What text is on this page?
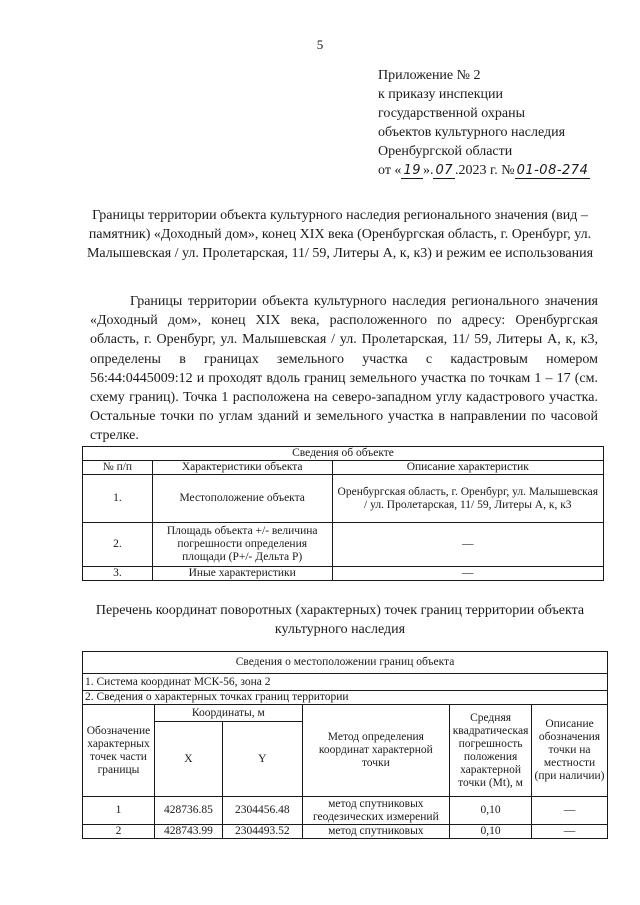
5
Приложение № 2
к приказу инспекции
государственной охраны
объектов культурного наследия
Оренбургской области
от « 19 ». 07 .2023 г. № 01-08-274
Границы территории объекта культурного наследия регионального значения (вид – памятник) «Доходный дом», конец XIX века (Оренбургская область, г. Оренбург, ул. Малышевская / ул. Пролетарская, 11/ 59, Литеры А, к, к3) и режим ее использования

Границы территории объекта культурного наследия регионального значения «Доходный дом», конец XIX века, расположенного по адресу: Оренбургская область, г. Оренбург, ул. Малышевская / ул. Пролетарская, 11/ 59, Литеры А, к, к3, определены в границах земельного участка с кадастровым номером 56:44:0445009:12 и проходят вдоль границ земельного участка по точкам 1 – 17 (см. схему границ). Точка 1 расположена на северо-западном углу кадастрового участка. Остальные точки по углам зданий и земельного участка в направлении по часовой стрелке.

Сведения об объекте		
№ п/п	Характеристики объекта	Описание характеристик
1.	Местоположение объекта	Оренбургская область, г. Оренбург, ул. Малышевская / ул. Пролетарская, 11/ 59, Литеры А, к, к3
2.	Площадь объекта +/- величина погрешности определения площади (Р+/- Дельта Р)	—
3.	Иные характеристики	—
Перечень координат поворотных (характерных) точек границ территории объекта культурного наследия
Сведения о местоположении границ объекта					
1. Система координат МСК-56, зона 2					
2. Сведения о характерных точках границ территории					
Обозначение характерных точек части границы	Координаты, м		Метод определения координат характерной точки	Средняя квадратическая погрешность положения характерной точки (Mt), м	Описание обозначения точки на местности (при наличии)
	X	Y			
1	428736.85	2304456.48	метод спутниковых геодезических измерений	0,10	—
2	428743.99	2304493.52	метод спутниковых	0,10	—
